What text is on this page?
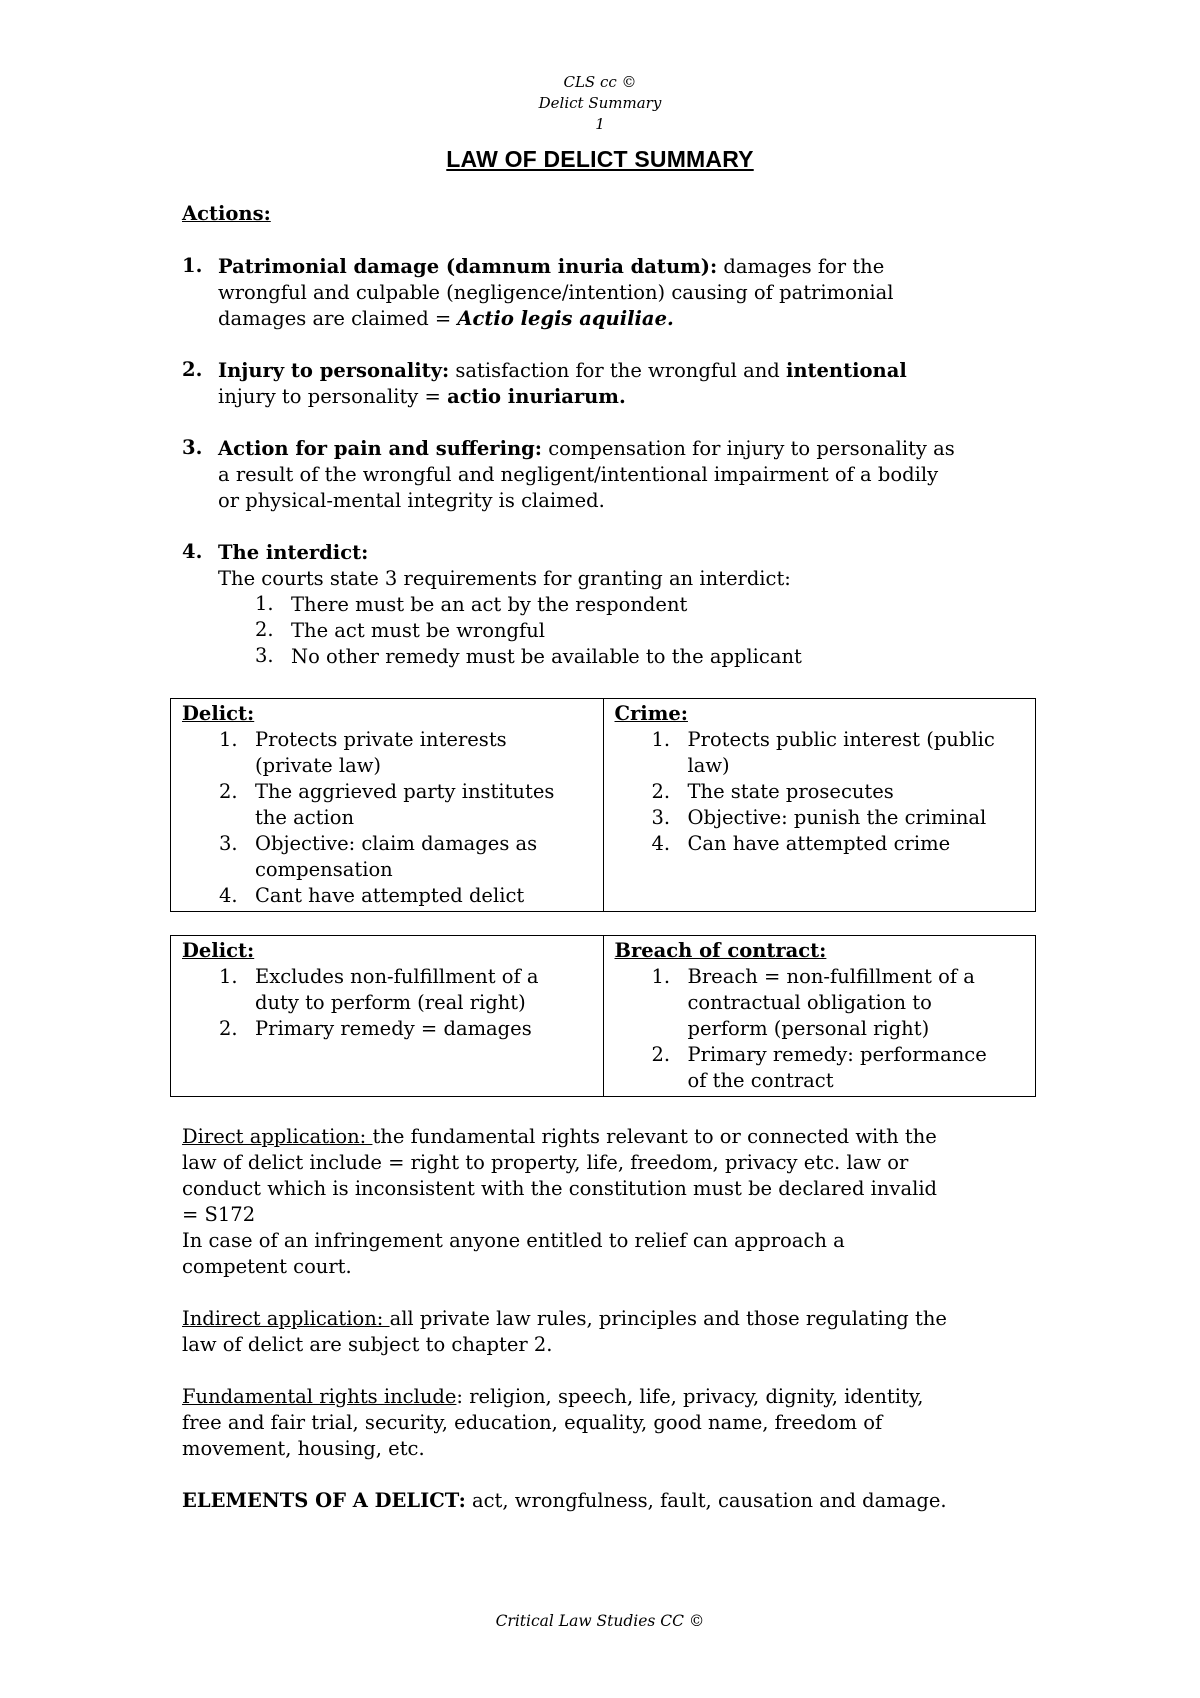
CLS cc ©
Delict Summary
1
LAW OF DELICT SUMMARY
Actions:
1. Patrimonial damage (damnum inuria datum): damages for the
wrongful and culpable (negligence/intention) causing of patrimonial
damages are claimed = Actio legis aquiliae.
2. Injury to personality: satisfaction for the wrongful and intentional
injury to personality = actio inuriarum.
3. Action for pain and suffering: compensation for injury to personality as
a result of the wrongful and negligent/intentional impairment of a bodily
or physical-mental integrity is claimed.
4. The interdict:
The courts state 3 requirements for granting an interdict:
1. There must be an act by the respondent
2. The act must be wrongful
3. No other remedy must be available to the applicant
Delict:
1. Protects private interests
(private law)
2. The aggrieved party institutes
the action
3. Objective: claim damages as
compensation
4. Cant have attempted delict

Crime:
1. Protects public interest (public
law)
2. The state prosecutes
3. Objective: punish the criminal
4. Can have attempted crime
Delict:
1. Excludes non-fulfillment of a
duty to perform (real right)
2. Primary remedy = damages

Breach of contract:
1. Breach = non-fulfillment of a
contractual obligation to
perform (personal right)
2. Primary remedy: performance
of the contract
Direct application: the fundamental rights relevant to or connected with the
law of delict include = right to property, life, freedom, privacy etc. law or
conduct which is inconsistent with the constitution must be declared invalid
= S172
In case of an infringement anyone entitled to relief can approach a
competent court.
Indirect application: all private law rules, principles and those regulating the
law of delict are subject to chapter 2.
Fundamental rights include: religion, speech, life, privacy, dignity, identity,
free and fair trial, security, education, equality, good name, freedom of
movement, housing, etc.
ELEMENTS OF A DELICT: act, wrongfulness, fault, causation and damage.
Critical Law Studies CC ©
